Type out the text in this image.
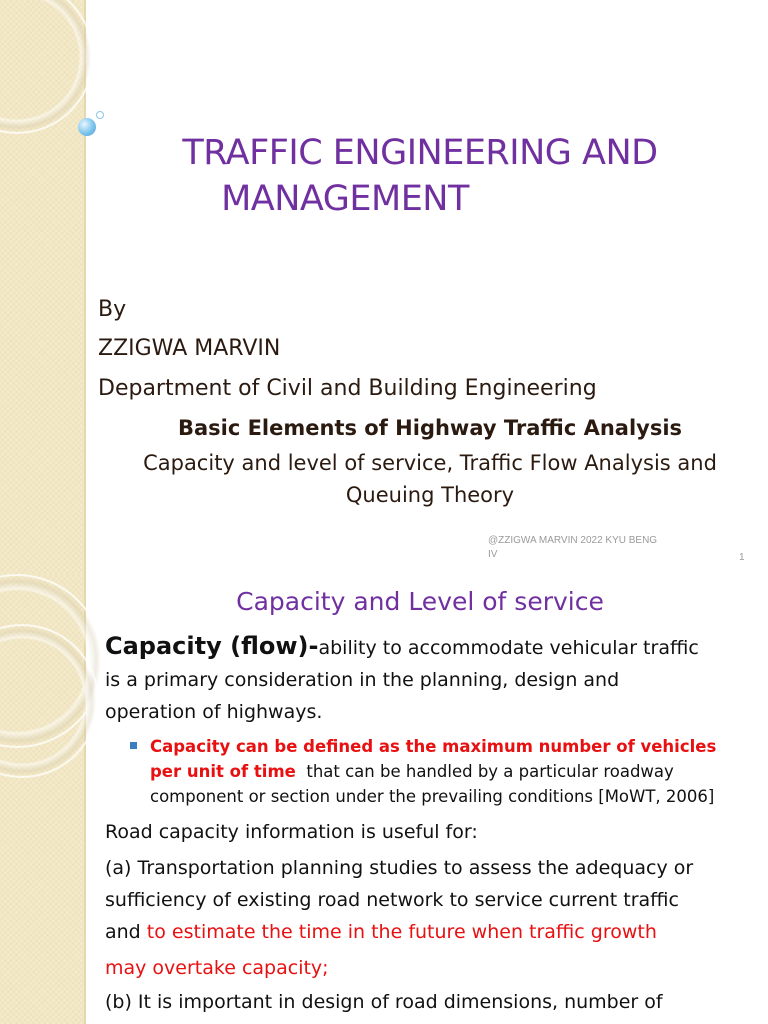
TRAFFIC ENGINEERING AND
MANAGEMENT
By
ZZIGWA MARVIN
Department of Civil and Building Engineering
Basic Elements of Highway Traffic Analysis
Capacity and level of service, Traffic Flow Analysis and
Queuing Theory
@ZZIGWA MARVIN 2022 KYU BENG
IV	1
Capacity and Level of service
Capacity (flow)-ability to accommodate vehicular traffic
is a primary consideration in the planning, design and
operation of highways.
Capacity can be defined as the maximum number of vehicles
per unit of time that can be handled by a particular roadway
component or section under the prevailing conditions [MoWT, 2006]
Road capacity information is useful for:
(a) Transportation planning studies to assess the adequacy or
sufficiency of existing road network to service current traffic
and to estimate the time in the future when traffic growth
may overtake capacity;
(b) It is important in design of road dimensions, number of
